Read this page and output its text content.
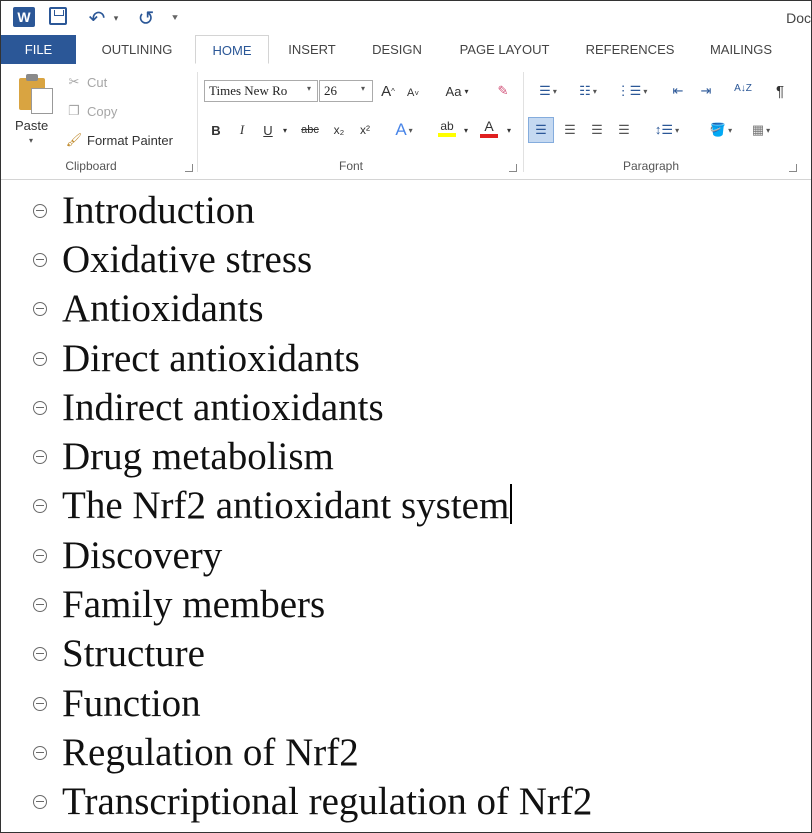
W	↶ ▾ ↺ ⯆	Doc
FILE	OUTLINING	HOME	INSERT	DESIGN	PAGE LAYOUT	REFERENCES	MAILINGS
Paste
▾
✂ Cut
❐ Copy
🖌 Format Painter
Clipboard
Times New Ro	▾ 26	▾ A ^ A ˅ Aa ▾ ✎
B I U	▾	abc x₂ x² A ▾ ab	▾ A	▾
Font
☰ ▾ ☷ ▾ ⋮☰ ▾ ⇤ ⇥ A↓Z ¶
☰ ☰ ☰ ☰ ↕☰ ▾ 🪣 ▾ ▦ ▾
Paragraph
Introduction
Oxidative stress
Antioxidants
Direct antioxidants
Indirect antioxidants
Drug metabolism
The Nrf2 antioxidant system
Discovery
Family members
Structure
Function
Regulation of Nrf2
Transcriptional regulation of Nrf2
